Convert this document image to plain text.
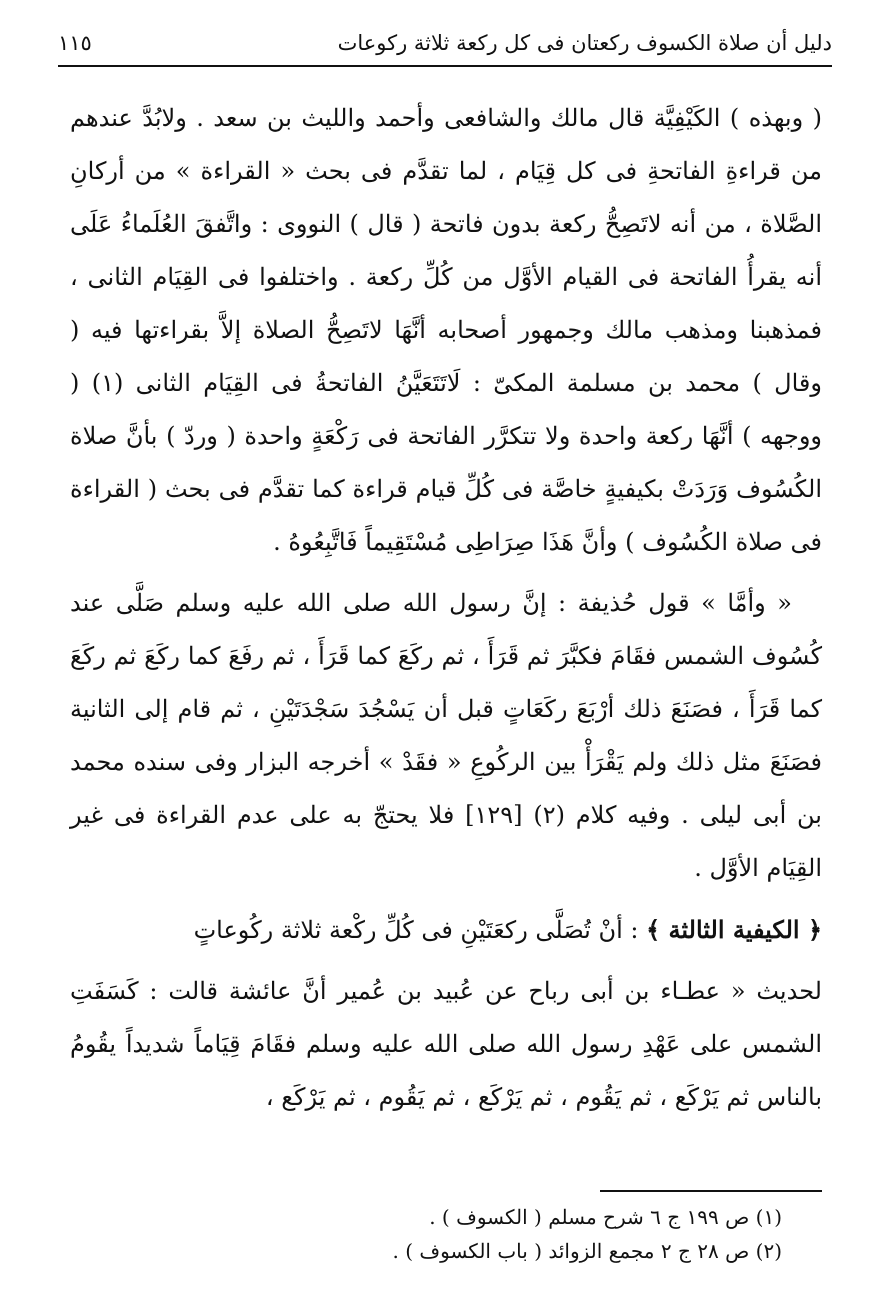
دليل أن صلاة الكسوف ركعتان فى كل ركعة ثلاثة ركوعات
١١٥

( وبهذه ) الكَيْفِيَّة قال مالك والشافعى وأحمد والليث بن سعد . ولابُدَّ عندهم من قراءةِ الفاتحةِ فى كل قِيَام ، لما تقدَّم فى بحث « القراءة » من أركانِ الصَّلاة ، من أنه لاتَصِحُّ ركعة بدون فاتحة ( قال ) النووى : واتَّفقَ العُلَماءُ عَلَى أنه يقرأُ الفاتحة فى القيام الأوَّل من كُلِّ ركعة . واختلفوا فى القِيَام الثانى ، فمذهبنا ومذهب مالك وجمهور أصحابه أنَّهَا لاتَصِحُّ الصلاة إلاَّ بقراءتها فيه ( وقال ) محمد بن مسلمة المكىّ : لَاتَتَعَيَّنُ الفاتحةُ فى القِيَام الثانى (١) ( ووجهه ) أنَّهَا ركعة واحدة ولا تتكرَّر الفاتحة فى رَكْعَةٍ واحدة ( وردّ ) بأنَّ صلاة الكُسُوف وَرَدَتْ بكيفيةٍ خاصَّة فى كُلِّ قيام قراءة كما تقدَّم فى بحث ( القراءة فى صلاة الكُسُوف ) وأنَّ هَذَا صِرَاطِى مُسْتَقِيماً فَاتَّبِعُوهُ .

« وأمَّا » قول حُذيفة : إنَّ رسول الله صلى الله عليه وسلم صَلَّى عند كُسُوف الشمس فقَامَ فكبَّرَ ثم قَرَأَ ، ثم ركَعَ كما قَرَأَ ، ثم رفَعَ كما ركَعَ ثم ركَعَ كما قَرَأَ ، فصَنَعَ ذلك أرْبَعَ ركَعَاتٍ قبل أن يَسْجُدَ سَجْدَتَيْنِ ، ثم قام إلى الثانية فصَنَعَ مثل ذلك ولم يَقْرَأْ بين الركُوعِ « فقَدْ » أخرجه البزار وفى سنده محمد بن أبى ليلى . وفيه كلام (٢) [١٢٩] فلا يحتجّ به على عدم القراءة فى غير القِيَام الأوَّل .

﴿ الكيفية الثالثة ﴾ : أنْ تُصَلَّى ركعَتَيْنِ فى كُلِّ ركْعة ثلاثة ركُوعاتٍ

لحديث « عطـاء بن أبى رباح عن عُبيد بن عُمير أنَّ عائشة قالت : كَسَفَتِ الشمس على عَهْدِ رسول الله صلى الله عليه وسلم فقَامَ قِيَاماً شديداً يقُومُ بالناس ثم يَرْكَع ، ثم يَقُوم ، ثم يَرْكَع ، ثم يَقُوم ، ثم يَرْكَع ،

(١) ص ١٩٩ ج ٦ شرح مسلم ( الكسوف ) .

(٢) ص ٢٨ ج ٢ مجمع الزوائد ( باب الكسوف ) .
